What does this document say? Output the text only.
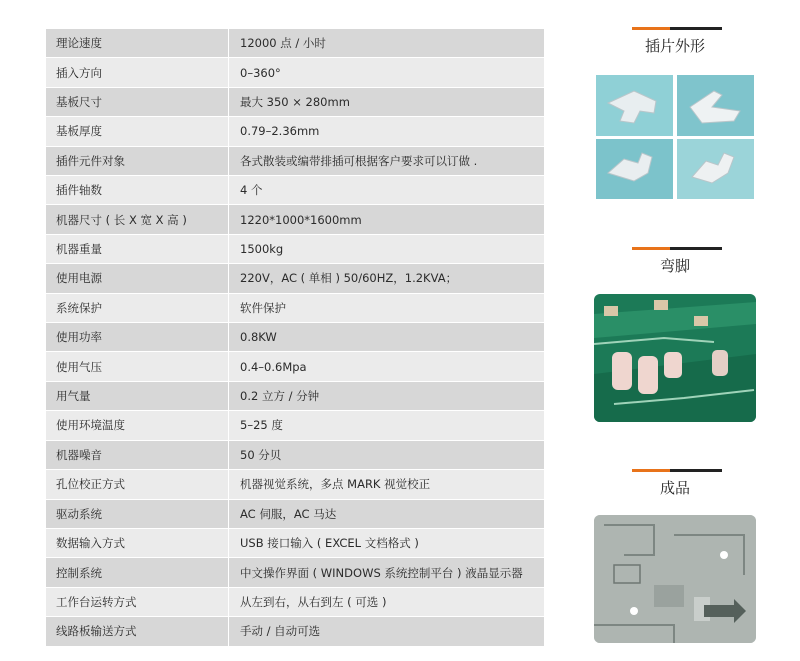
理论速度	12000 点 / 小时
插入方向	0–360°
基板尺寸	最大 350 × 280mm
基板厚度	0.79–2.36mm
插件元件对象	各式散装或编带排插可根据客户要求可以订做 .
插件轴数	4 个
机器尺寸 ( 长 X 宽 X 高 )	1220*1000*1600mm
机器重量	1500kg
使用电源	220V，AC ( 单相 ) 50/60HZ，1.2KVA；
系统保护	软件保护
使用功率	0.8KW
使用气压	0.4–0.6Mpa
用气量	0.2 立方 / 分钟
使用环境温度	5–25 度
机器噪音	50 分贝
孔位校正方式	机器视觉系统，多点 MARK 视觉校正
驱动系统	AC 伺服，AC 马达
数据输入方式	USB 接口输入 ( EXCEL 文档格式 )
控制系统	中文操作界面 ( WINDOWS 系统控制平台 ) 液晶显示器
工作台运转方式	从左到右，从右到左 ( 可选 )
线路板输送方式	手动 / 自动可选
插片外形
弯脚
成品
